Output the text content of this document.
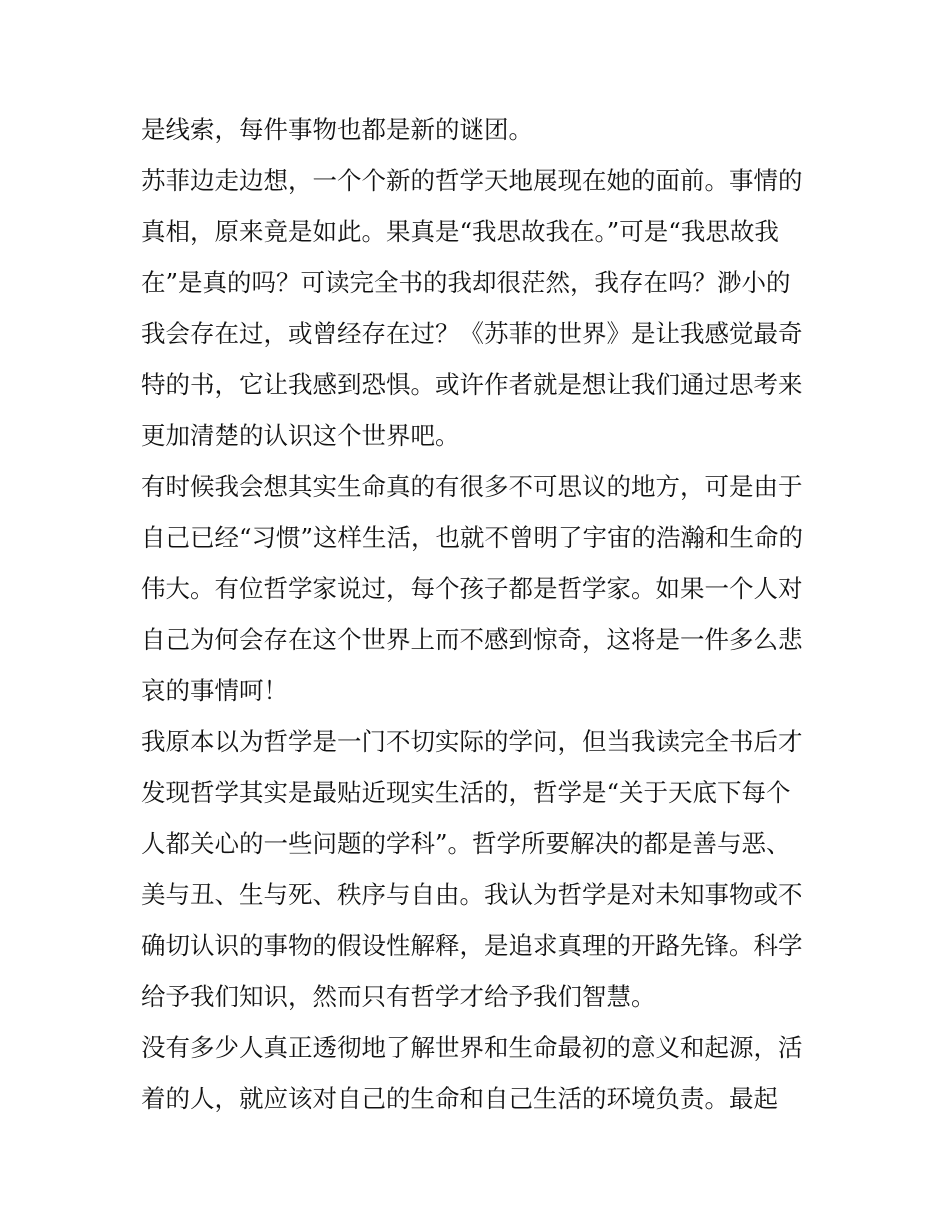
是线索，每件事物也都是新的谜团。
苏菲边走边想，一个个新的哲学天地展现在她的面前。事情的
真相，原来竟是如此。果真是“我思故我在。”可是“我思故我
在”是真的吗？可读完全书的我却很茫然，我存在吗？渺小的
我会存在过，或曾经存在过？《苏菲的世界》是让我感觉最奇
特的书，它让我感到恐惧。或许作者就是想让我们通过思考来
更加清楚的认识这个世界吧。
有时候我会想其实生命真的有很多不可思议的地方，可是由于
自己已经“习惯”这样生活，也就不曾明了宇宙的浩瀚和生命的
伟大。有位哲学家说过，每个孩子都是哲学家。如果一个人对
自己为何会存在这个世界上而不感到惊奇，这将是一件多么悲
哀的事情呵！
我原本以为哲学是一门不切实际的学问，但当我读完全书后才
发现哲学其实是最贴近现实生活的，哲学是“关于天底下每个
人都关心的一些问题的学科”。哲学所要解决的都是善与恶、
美与丑、生与死、秩序与自由。我认为哲学是对未知事物或不
确切认识的事物的假设性解释，是追求真理的开路先锋。科学
给予我们知识，然而只有哲学才给予我们智慧。
没有多少人真正透彻地了解世界和生命最初的意义和起源，活
着的人，就应该对自己的生命和自己生活的环境负责。最起
